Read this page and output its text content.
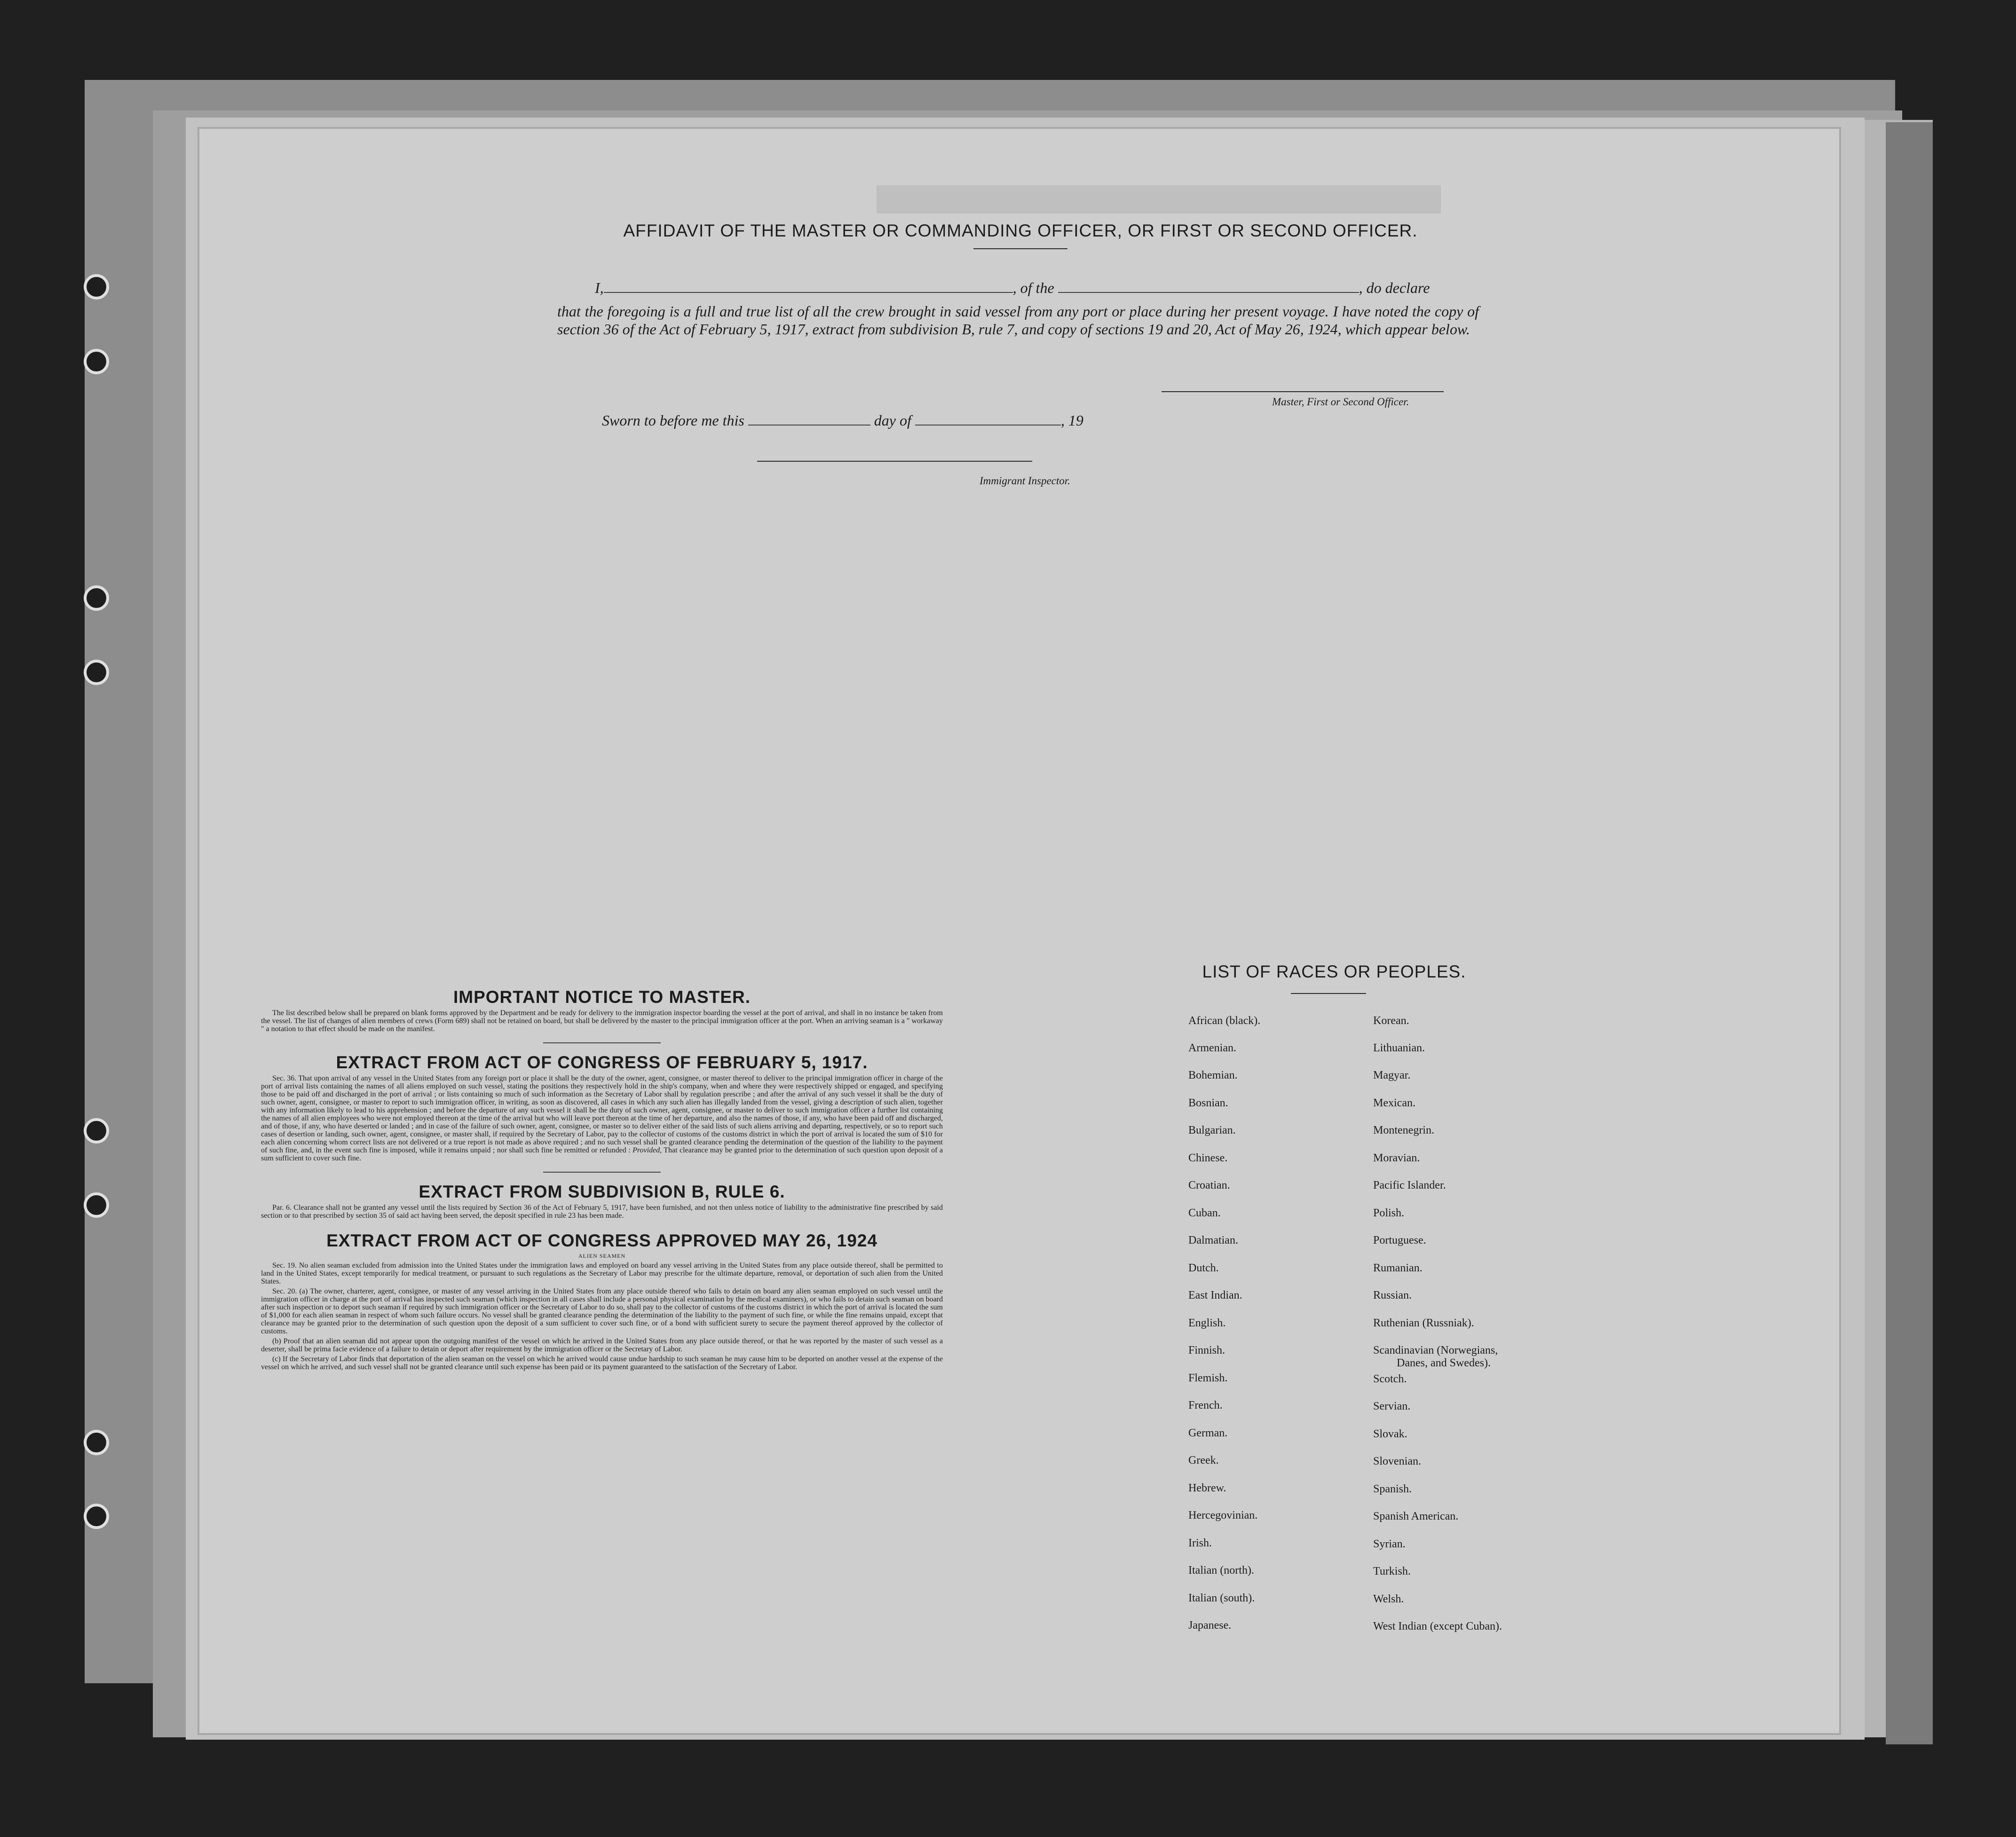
AFFIDAVIT OF THE MASTER OR COMMANDING OFFICER, OR FIRST OR SECOND OFFICER.
I,	, of the	, do declare
that the foregoing is a full and true list of all the crew brought in said vessel from any port or place during her present voyage. I have noted the copy of section 36 of the Act of February 5, 1917, extract from subdivision B, rule 7, and copy of sections 19 and 20, Act of May 26, 1924, which appear below.
Master, First or Second Officer.
Sworn to before me this	day of	, 19
Immigrant Inspector.
IMPORTANT NOTICE TO MASTER.

The list described below shall be prepared on blank forms approved by the Department and be ready for delivery to the immigration inspector boarding the vessel at the port of arrival, and shall in no instance be taken from the vessel. The list of changes of alien members of crews (Form 689) shall not be retained on board, but shall be delivered by the master to the principal immigration officer at the port. When an arriving seaman is a " workaway " a notation to that effect should be made on the manifest.

EXTRACT FROM ACT OF CONGRESS OF FEBRUARY 5, 1917.

Sec. 36. That upon arrival of any vessel in the United States from any foreign port or place it shall be the duty of the owner, agent, consignee, or master thereof to deliver to the principal immigration officer in charge of the port of arrival lists containing the names of all aliens employed on such vessel, stating the positions they respectively hold in the ship's company, when and where they were respectively shipped or engaged, and specifying those to be paid off and discharged in the port of arrival ; or lists containing so much of such information as the Secretary of Labor shall by regulation prescribe ; and after the arrival of any such vessel it shall be the duty of such owner, agent, consignee, or master to report to such immigration officer, in writing, as soon as discovered, all cases in which any such alien has illegally landed from the vessel, giving a description of such alien, together with any information likely to lead to his apprehension ; and before the departure of any such vessel it shall be the duty of such owner, agent, consignee, or master to deliver to such immigration officer a further list containing the names of all alien employees who were not employed thereon at the time of the arrival but who will leave port thereon at the time of her departure, and also the names of those, if any, who have been paid off and discharged, and of those, if any, who have deserted or landed ; and in case of the failure of such owner, agent, consignee, or master so to deliver either of the said lists of such aliens arriving and departing, respectively, or so to report such cases of desertion or landing, such owner, agent, consignee, or master shall, if required by the Secretary of Labor, pay to the collector of customs of the customs district in which the port of arrival is located the sum of $10 for each alien concerning whom correct lists are not delivered or a true report is not made as above required ; and no such vessel shall be granted clearance pending the determination of the question of the liability to the payment of such fine, and, in the event such fine is imposed, while it remains unpaid ; nor shall such fine be remitted or refunded : Provided, That clearance may be granted prior to the determination of such question upon deposit of a sum sufficient to cover such fine.

EXTRACT FROM SUBDIVISION B, RULE 6.

Par. 6. Clearance shall not be granted any vessel until the lists required by Section 36 of the Act of February 5, 1917, have been furnished, and not then unless notice of liability to the administrative fine prescribed by said section or to that prescribed by section 35 of said act having been served, the deposit specified in rule 23 has been made.

EXTRACT FROM ACT OF CONGRESS APPROVED MAY 26, 1924
ALIEN SEAMEN

Sec. 19. No alien seaman excluded from admission into the United States under the immigration laws and employed on board any vessel arriving in the United States from any place outside thereof, shall be permitted to land in the United States, except temporarily for medical treatment, or pursuant to such regulations as the Secretary of Labor may prescribe for the ultimate departure, removal, or deportation of such alien from the United States.

Sec. 20. (a) The owner, charterer, agent, consignee, or master of any vessel arriving in the United States from any place outside thereof who fails to detain on board any alien seaman employed on such vessel until the immigration officer in charge at the port of arrival has inspected such seaman (which inspection in all cases shall include a personal physical examination by the medical examiners), or who fails to detain such seaman on board after such inspection or to deport such seaman if required by such immigration officer or the Secretary of Labor to do so, shall pay to the collector of customs of the customs district in which the port of arrival is located the sum of $1,000 for each alien seaman in respect of whom such failure occurs. No vessel shall be granted clearance pending the determination of the liability to the payment of such fine, or while the fine remains unpaid, except that clearance may be granted prior to the determination of such question upon the deposit of a sum sufficient to cover such fine, or of a bond with sufficient surety to secure the payment thereof approved by the collector of customs.

(b) Proof that an alien seaman did not appear upon the outgoing manifest of the vessel on which he arrived in the United States from any place outside thereof, or that he was reported by the master of such vessel as a deserter, shall be prima facie evidence of a failure to detain or deport after requirement by the immigration officer or the Secretary of Labor.

(c) If the Secretary of Labor finds that deportation of the alien seaman on the vessel on which he arrived would cause undue hardship to such seaman he may cause him to be deported on another vessel at the expense of the vessel on which he arrived, and such vessel shall not be granted clearance until such expense has been paid or its payment guaranteed to the satisfaction of the Secretary of Labor.

LIST OF RACES OR PEOPLES.
African (black).
Armenian.
Bohemian.
Bosnian.
Bulgarian.
Chinese.
Croatian.
Cuban.
Dalmatian.
Dutch.
East Indian.
English.
Finnish.
Flemish.
French.
German.
Greek.
Hebrew.
Hercegovinian.
Irish.
Italian (north).
Italian (south).
Japanese.
Korean.
Lithuanian.
Magyar.
Mexican.
Montenegrin.
Moravian.
Pacific Islander.
Polish.
Portuguese.
Rumanian.
Russian.
Ruthenian (Russniak).
Scandinavian (Norwegians,
Danes, and Swedes).
Scotch.
Servian.
Slovak.
Slovenian.
Spanish.
Spanish American.
Syrian.
Turkish.
Welsh.
West Indian (except Cuban).
